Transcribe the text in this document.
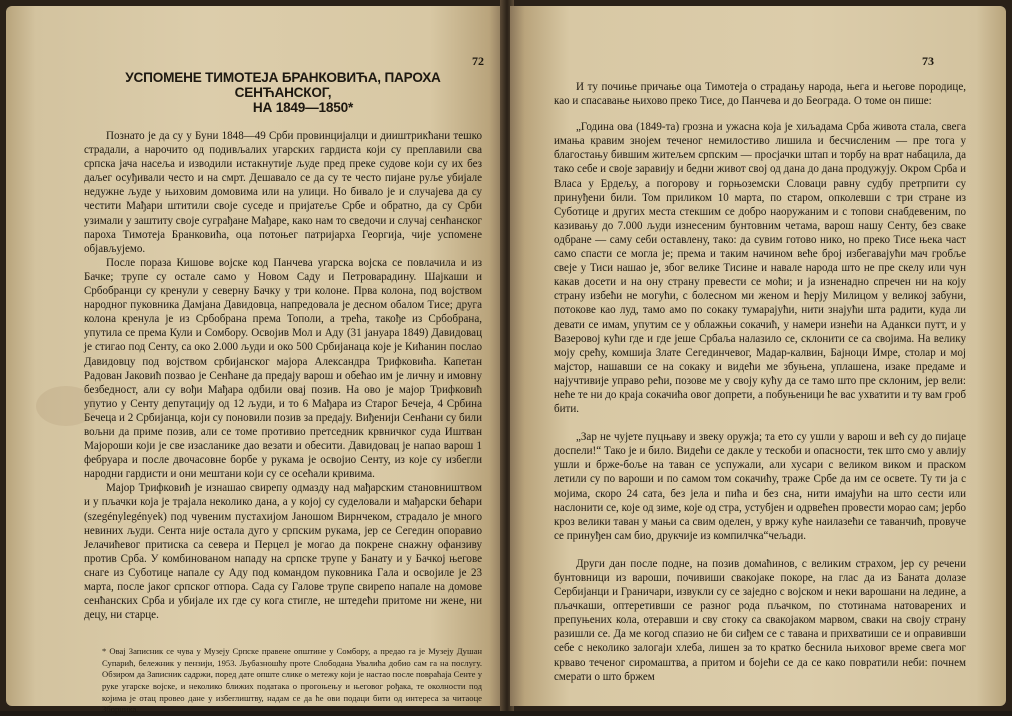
72
УСПОМЕНЕ ТИМОТЕЈА БРАНКОВИЋА, ПАРОХА СЕНЋАНСКОГ,
НА 1849—1850*

Познато је да су у Буни 1848—49 Срби провинцијалци и дииштрикћани тешко страдали, а нарочито од подивљалих угарских гардиста који су преплавили сва српска јача насеља и изводили истакнутије људе пред преке судове који су их без даљег осуђивали често и на смрт. Дешавало се да су те често пијане руље убијале недужне људе у њиховим домовима или на улици. Но бивало је и случајева да су честити Мађари штитили своје суседе и пријатеље Србе и обратно, да су Срби узимали у заштиту своје суграђане Мађаре, како нам то сведочи и случај сенћанског пароха Тимотеја Бранковића, оца потоњег патријарха Георгија, чије успомене објављујемо.

После пораза Кишове војске код Панчева угарска војска се повлачила и из Бачке; трупе су остале само у Новом Саду и Петроварадину. Шајкаши и Србобранци су кренули у северну Бачку у три колоне. Прва колона, под војством народног пуковника Дамјана Давидовца, напредовала је десном обалом Тисе; друга колона кренула је из Србобрана према Тополи, а трећа, такође из Србобрана, упутила се према Кули и Сомбору. Освојив Мол и Аду (31 јануара 1849) Давидовац је стигао под Сенту, са око 2.000 људи и око 500 Србијанаца које је Кићанин послао Давидовцу под војством србијанског мајора Александра Трифковића. Капетан Радован Јаковић позвао је Сенћане да предају варош и обећао им је личну и имовну безбедност, али су вођи Мађара одбили овај позив. На ово је мајор Трифковић упутио у Сенту депутацију од 12 људи, и то 6 Мађара из Старог Бечеја, 4 Србина Бечеца и 2 Србијанца, који су поновили позив за предају. Виђенији Сенћани су били вољни да приме позив, али се томе противио претседник крвничког суда Иштван Мајороши који је све изасланике дао везати и обесити. Давидовац је напао варош 1 фебруара и после двочасовне борбе у рукама је освојио Сенту, из које су избегли народни гардисти и они мештани који су се осећали кривима.

Мајор Трифковић је изнашао свирепу одмазду над мађарским становништвом и у пљачки која је трајала неколико дана, а у којој су суделовали и мађарски бећари (szegénylegények) под чувеним пустахијом Јаношом Вирнчеком, страдало је много невиних људи. Сента није остала дуго у српским рукама, јер се Сегедин опоравио Јелачићевог притиска са севера и Перцел је могао да покрене снажну офанзиву против Срба. У комбинованом нападу на српске трупе у Банату и у Бачкој његове снаге из Суботице напале су Аду под командом пуковника Гала и освојиле је 23 марта, после јаког српског отпора. Сада су Галове трупе свирепо напале на домове сенћанских Срба и убијале их где су кога стигле, не штедећи притоме ни жене, ни децу, ни старце.

* Овај Записник се чува у Музеју Српске правене општине у Сомбору, а предао га је Музеју Душан Супарић, бележник у пензији, 1953. Љубазношћу проте Слободана Увалића добио сам га на послугу. Обзиром да Записник садржи, поред дате опште слике о метежу који је настао после повраћаја Сенте у руке угарске војске, и неколико ближих података о прогоњењу и његовог рођака, те околности под којима је отац провео дане у избеглиштву, надам се да ће ови подаци бити од интереса за читаоце Зборника.
73

И ту почиње причање оца Тимотеја о страдању народа, њега и његове породице, као и спасавање њихово преко Тисе, до Панчева и до Београда. О томе он пише:

„Година ова (1849-та) грозна и ужасна која је хиљадама Срба живота стала, свега имања кравим знојем теченог немилостиво лишила и бесчисленим — пре тога у благостању бившим житељем српским — просјачки штап и торбу на врат набацила, да тако себе и своје заравију и бедни живот свој од дана до дана продужују. Окром Срба и Власа у Ердељу, а погорову и горњоземски Словаци равну судбу претрпити су принуђени били. Том приликом 10 марта, по старом, опколевши с три стране из Суботице и других места стекшим се добро наоружаним и с топови снабдевеним, по казивању до 7.000 људи изнесеним бунтовним четама, варош нашу Сенту, без сваке одбране — саму себи оставлену, тако: да сувим готово нико, но преко Тисе њека част само спасти се могла је; према и таким начином веће број избегавајући мач гробље свеје у Тиси нашао је, због велике Тисине и навале народа што не пре скелу или чун какав досети и на ону страну превести се моћи; и ја изненадно спречен ни на коју страну избећи не могући, с болесном ми женом и ћерју Милицом у великој забуни, потокове као луд, тамо амо по сокаку тумарајући, нити знајући шта радити, куда ли девати се имам, упутим се у облажњи сокачић, у намери изнећи на Аданкси путт, и у Вазеровој кући где и где јеше Србаља налазило се, склонити се са својима. На велику моју срећу, комшија Злате Сегединчевог, Мадар-калвин, Бајноци Имре, столар и мој мајстор, нашавши се на сокаку и видећи ме збуњена, уплашена, изаке предаме и најучтивије управо рећи, позове ме у своју кућу да се тамо што пре склоним, јер вели: неће те ни до краја сокачића овог допрети, а побуњеници ће вас ухватити и ту вам гроб бити.

„Зар не чујете пуцњаву и звеку оружја; та ето су ушли у варош и већ су до пијаце доспели!“ Тако је и било. Видећи се дакле у тескоби и опасности, тек што смо у авлију ушли и брже-боље на таван се успужали, али хусари с великом виком и праском летили су по вароши и по самом том сокачићу, траже Србе да им се освете. Ту ти ја с мојима, скоро 24 сата, без јела и пића и без сна, нити имајући на што сести или наслонити се, које од зиме, које од стра, устубјен и одрвећен провести морао сам; јербо кроз велики таван у мањи са свим оделен, у вржу куће наилазећи се таванчић, провуче се принуђен сам био, друкчије из компилчка“чељади.

Други дан после подне, на позив домаћинов, с великим страхом, јер су речени бунтовници из вароши, почивиши свакојаке покоре, на глас да из Баната долазе Сербијанци и Граничари, извукли су се заједно с војском и неки варошани на ледине, а пљачкаши, оптеретивши се разног рода пљачком, по стотинама натоварених и препуњених кола, отеравши и сву стоку са свакојаком марвом, сваки на своју страну разишли се. Да ме когод спазио не би сиђем се с тавана и прихватиши се и оправивши себе с неколико залогаји хлеба, лишен за то кратко беснила њиховог време свега мог крваво теченог сиромаштва, а притом и бојећи се да се како повратили неби: почнем смерати о што бржем
